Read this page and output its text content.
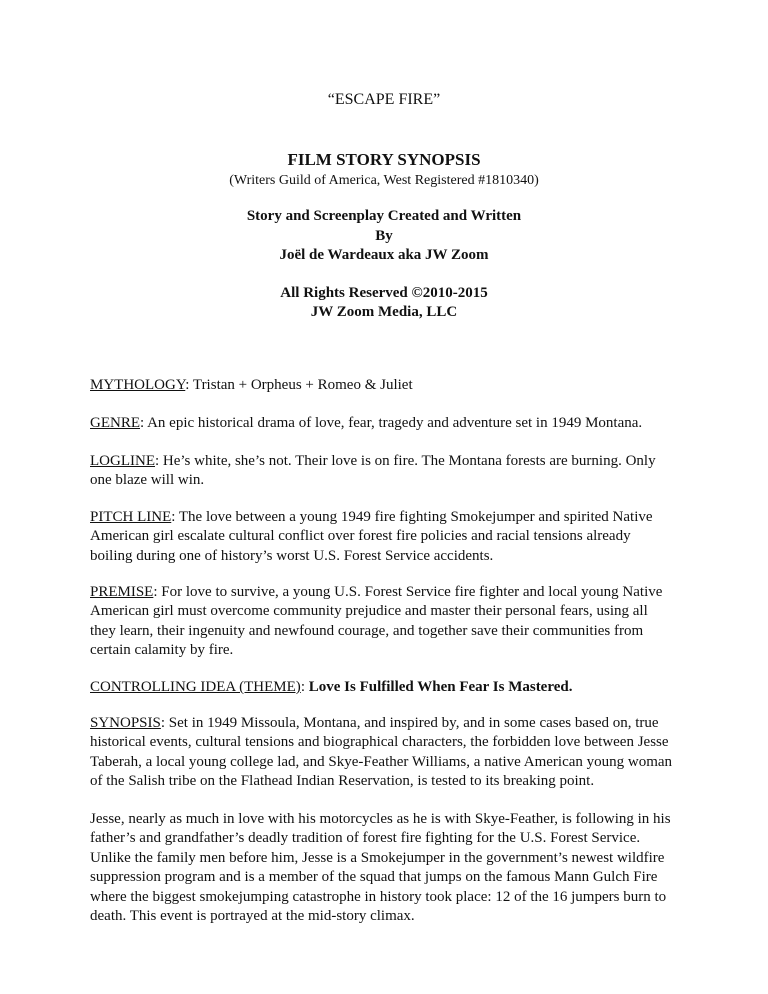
“ESCAPE FIRE”
FILM STORY SYNOPSIS
(Writers Guild of America, West Registered #1810340)
Story and Screenplay Created and Written
By
Joël de Wardeaux aka JW Zoom
All Rights Reserved ©2010-2015
JW Zoom Media, LLC
MYTHOLOGY: Tristan + Orpheus + Romeo & Juliet
GENRE: An epic historical drama of love, fear, tragedy and adventure set in 1949 Montana.
LOGLINE: He’s white, she’s not. Their love is on fire. The Montana forests are burning. Only
one blaze will win.
PITCH LINE: The love between a young 1949 fire fighting Smokejumper and spirited Native
American girl escalate cultural conflict over forest fire policies and racial tensions already
boiling during one of history’s worst U.S. Forest Service accidents.
PREMISE: For love to survive, a young U.S. Forest Service fire fighter and local young Native
American girl must overcome community prejudice and master their personal fears, using all
they learn, their ingenuity and newfound courage, and together save their communities from
certain calamity by fire.
CONTROLLING IDEA (THEME): Love Is Fulfilled When Fear Is Mastered.
SYNOPSIS: Set in 1949 Missoula, Montana, and inspired by, and in some cases based on, true
historical events, cultural tensions and biographical characters, the forbidden love between Jesse
Taberah, a local young college lad, and Skye-Feather Williams, a native American young woman
of the Salish tribe on the Flathead Indian Reservation, is tested to its breaking point.
Jesse, nearly as much in love with his motorcycles as he is with Skye-Feather, is following in his
father’s and grandfather’s deadly tradition of forest fire fighting for the U.S. Forest Service.
Unlike the family men before him, Jesse is a Smokejumper in the government’s newest wildfire
suppression program and is a member of the squad that jumps on the famous Mann Gulch Fire
where the biggest smokejumping catastrophe in history took place: 12 of the 16 jumpers burn to
death. This event is portrayed at the mid-story climax.
